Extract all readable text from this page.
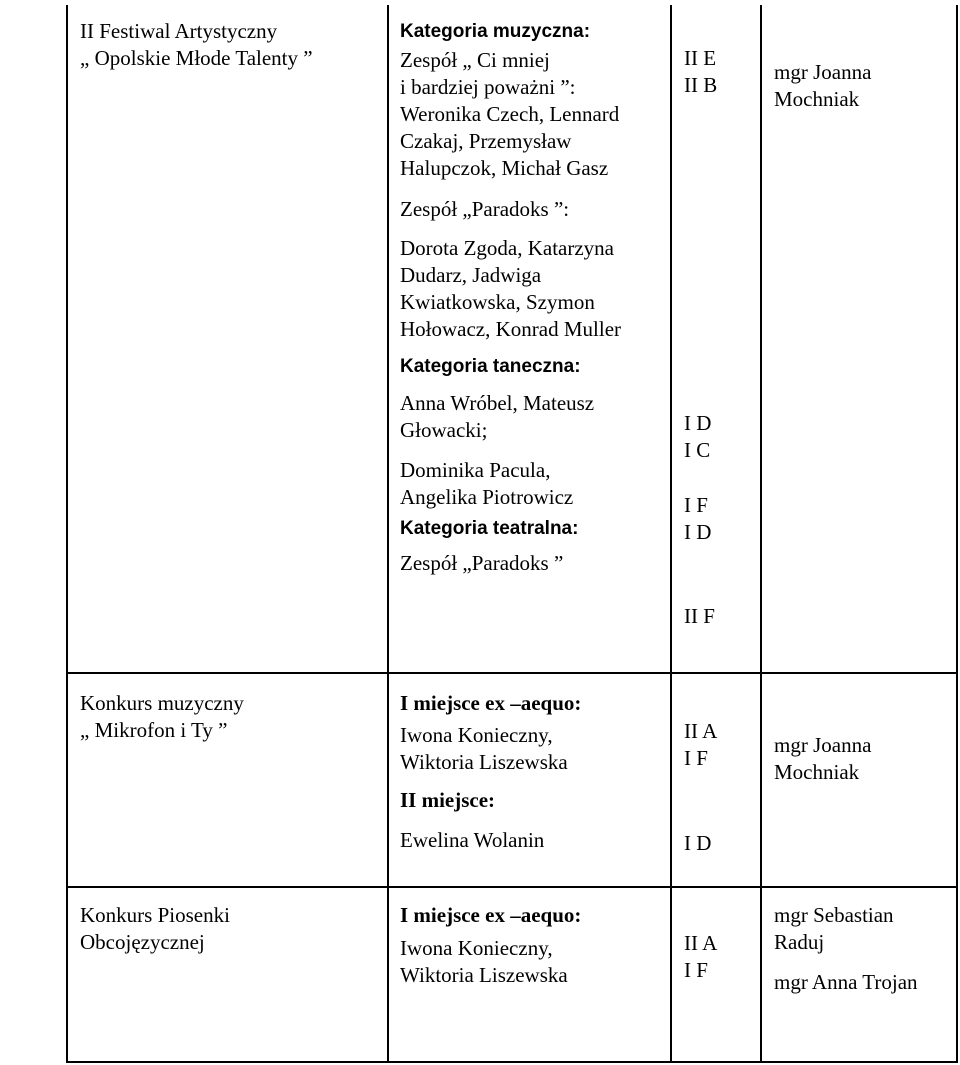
II Festiwal Artystyczny
„ Opolskie Młode Talenty ”
Kategoria muzyczna:
Zespół „ Ci mniej
i bardziej poważni ”:
Weronika Czech, Lennard
Czakaj, Przemysław
Halupczok, Michał Gasz
Zespół „Paradoks ”:
Dorota Zgoda, Katarzyna
Dudarz, Jadwiga
Kwiatkowska, Szymon
Hołowacz, Konrad Muller
Kategoria taneczna:
Anna Wróbel, Mateusz
Głowacki;
Dominika Pacula,
Angelika Piotrowicz
Kategoria teatralna:
Zespół „Paradoks ”
II E
II B
I D
I C
I F
I D
II F
mgr Joanna
Mochniak
Konkurs muzyczny
„ Mikrofon i Ty ”
I miejsce ex –aequo:
Iwona Konieczny,
Wiktoria Liszewska
II miejsce:
Ewelina Wolanin
II A
I F
I D
mgr Joanna
Mochniak
Konkurs Piosenki
Obcojęzycznej
I miejsce ex –aequo:
Iwona Konieczny,
Wiktoria Liszewska
II A
I F
mgr Sebastian
Raduj
mgr Anna Trojan
